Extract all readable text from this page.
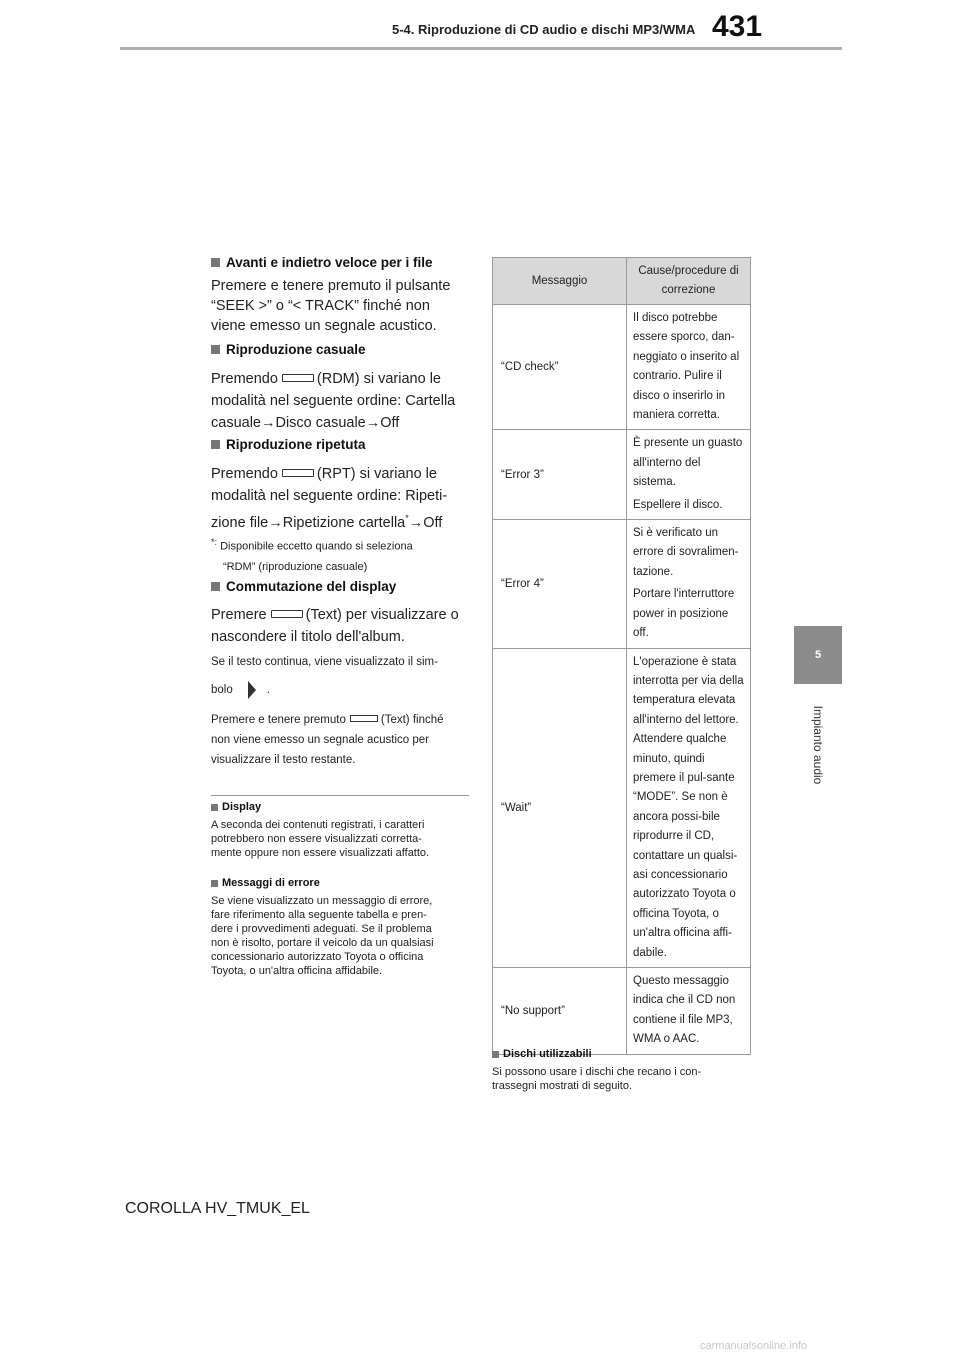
431
5-4. Riproduzione di CD audio e dischi MP3/WMA
5
Impianto audio
Avanti e indietro veloce per i file
Premere e tenere premuto il pulsante
“SEEK >” o “< TRACK” finché non
viene emesso un segnale acustico.
Riproduzione casuale
Premendo	(RDM) si variano le
modalità nel seguente ordine: Cartella
casuale→Disco casuale→Off
Riproduzione ripetuta
Premendo	(RPT) si variano le
modalità nel seguente ordine: Ripeti-
zione file→Ripetizione cartella*→Off
*: Disponibile eccetto quando si seleziona
“RDM” (riproduzione casuale)
Commutazione del display
Premere	(Text) per visualizzare o
nascondere il titolo dell'album.
Se il testo continua, viene visualizzato il sim-
bolo	.
Premere e tenere premuto	(Text) finché
non viene emesso un segnale acustico per
visualizzare il testo restante.
Display
A seconda dei contenuti registrati, i caratteri
potrebbero non essere visualizzati corretta-
mente oppure non essere visualizzati affatto.
Messaggi di errore
Se viene visualizzato un messaggio di errore,
fare riferimento alla seguente tabella e pren-
dere i provvedimenti adeguati. Se il problema
non è risolto, portare il veicolo da un qualsiasi
concessionario autorizzato Toyota o officina
Toyota, o un'altra officina affidabile.
Messaggio	Cause/procedure di correzione
“CD check”	Il disco potrebbe essere sporco, dan-neggiato o inserito al contrario. Pulire il disco o inserirlo in maniera corretta.

“Error 3”	È presente un guasto all'interno del sistema.

Espellere il disco.

“Error 4”	Si è verificato un errore di sovralimen-tazione.

Portare l'interruttore power in posizione off.

“Wait”	L'operazione è stata interrotta per via della temperatura elevata all'interno del lettore. Attendere qualche minuto, quindi premere il pul-sante “MODE”. Se non è ancora possi-bile riprodurre il CD, contattare un qualsi-asi concessionario autorizzato Toyota o officina Toyota, o un'altra officina affi-dabile.

“No support”	Questo messaggio indica che il CD non contiene il file MP3, WMA o AAC.

Dischi utilizzabili
Si possono usare i dischi che recano i con-
trassegni mostrati di seguito.
COROLLA HV_TMUK_EL
carmanualsonline.info
